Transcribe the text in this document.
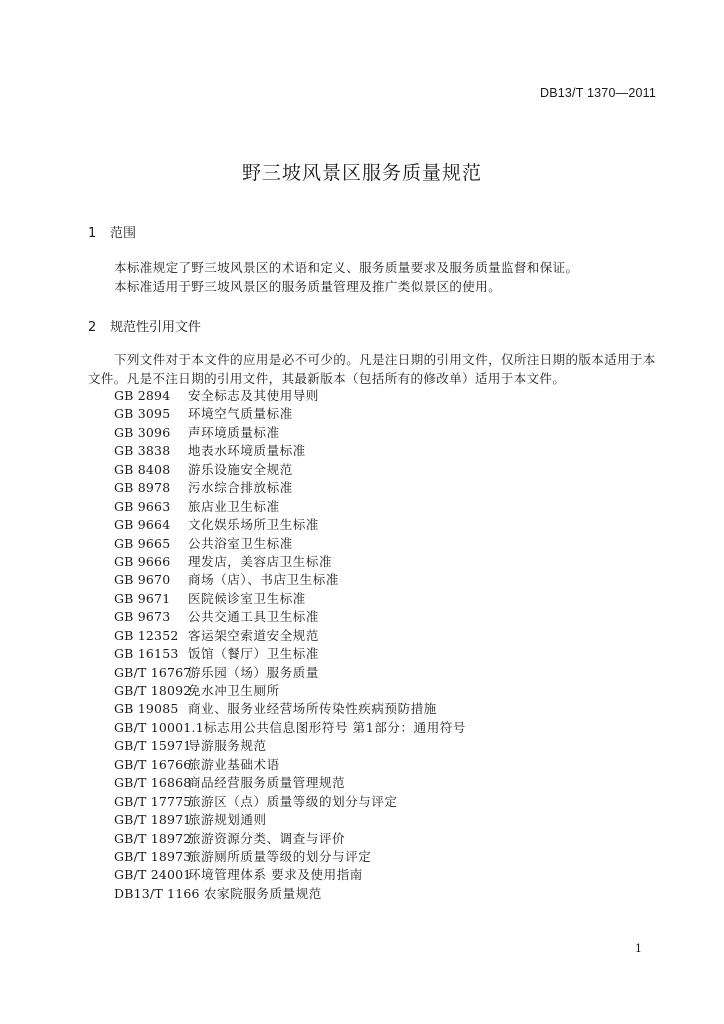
DB13/T 1370—2011
野三坡风景区服务质量规范
1 范围

本标准规定了野三坡风景区的术语和定义、服务质量要求及服务质量监督和保证。

本标准适用于野三坡风景区的服务质量管理及推广类似景区的使用。

2 规范性引用文件

下列文件对于本文件的应用是必不可少的。凡是注日期的引用文件，仅所注日期的版本适用于本文件。凡是不注日期的引用文件，其最新版本（包括所有的修改单）适用于本文件。

GB 2894 安全标志及其使用导则
GB 3095 环境空气质量标准
GB 3096 声环境质量标准
GB 3838 地表水环境质量标准
GB 8408 游乐设施安全规范
GB 8978 污水综合排放标准
GB 9663 旅店业卫生标准
GB 9664 文化娱乐场所卫生标准
GB 9665 公共浴室卫生标准
GB 9666 理发店，美容店卫生标准
GB 9670 商场（店）、书店卫生标准
GB 9671 医院候诊室卫生标准
GB 9673 公共交通工具卫生标准
GB 12352 客运架空索道安全规范
GB 16153 饭馆（餐厅）卫生标准
GB/T 16767游乐园（场）服务质量
GB/T 18092免水冲卫生厕所
GB 19085 商业、服务业经营场所传染性疾病预防措施
GB/T 10001.1标志用公共信息图形符号 第1部分：通用符号
GB/T 15971导游服务规范
GB/T 16766旅游业基础术语
GB/T 16868商品经营服务质量管理规范
GB/T 17775旅游区（点）质量等级的划分与评定
GB/T 18971旅游规划通则
GB/T 18972旅游资源分类、调查与评价
GB/T 18973旅游厕所质量等级的划分与评定
GB/T 24001环境管理体系 要求及使用指南
DB13/T 1166 农家院服务质量规范
1
